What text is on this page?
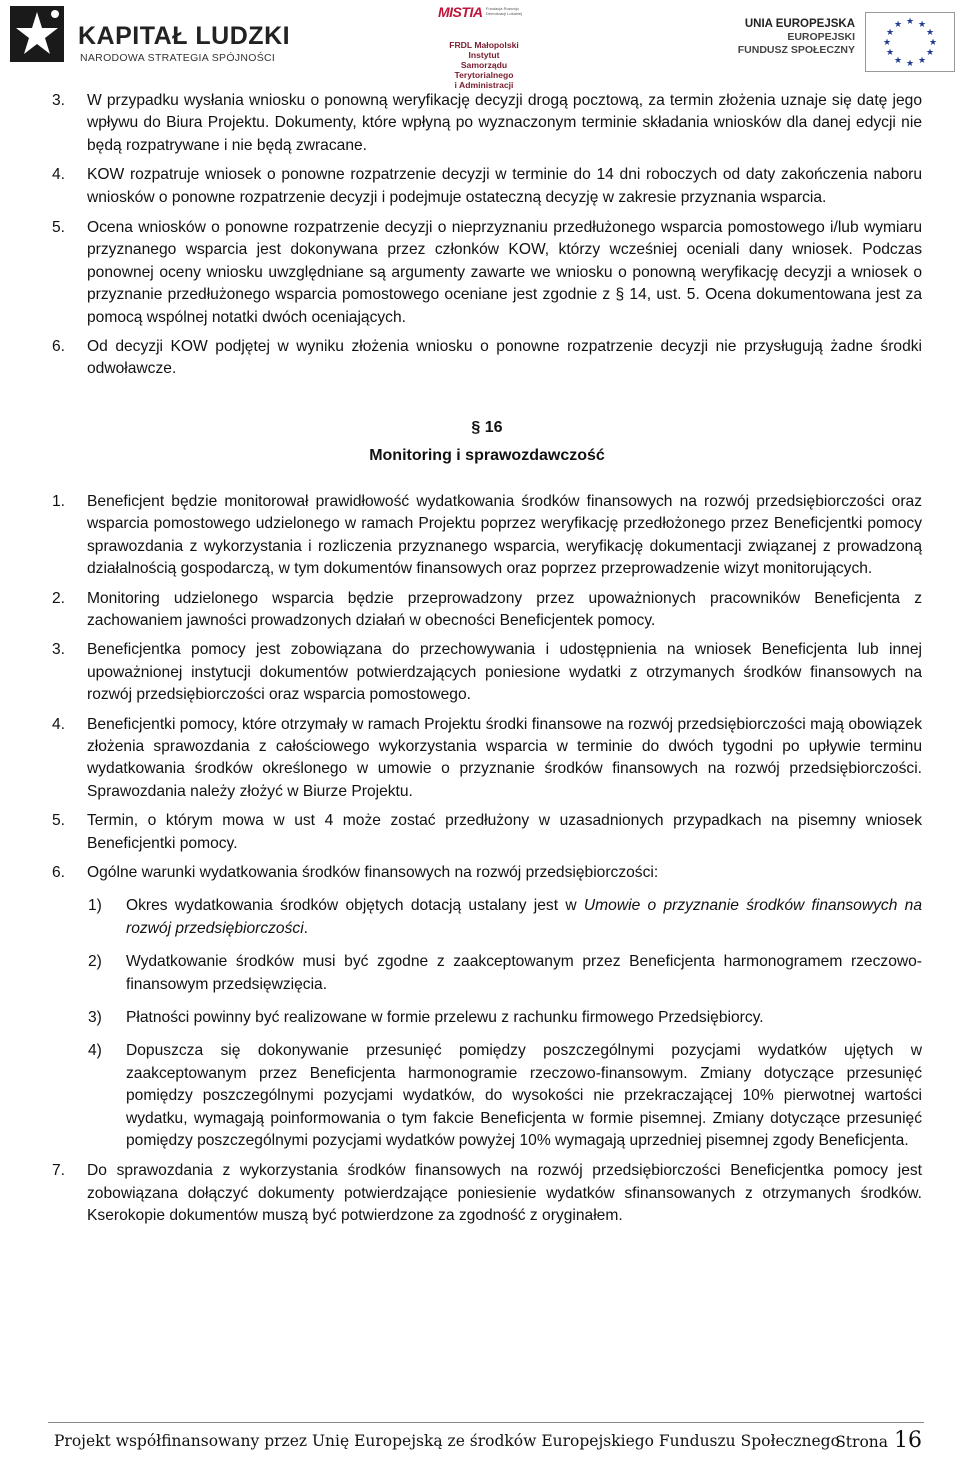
KAPITAŁ LUDZKI
NARODOWA STRATEGIA SPÓJNOŚCI
MISTIA Fundacja Rozwoju Demokracji Lokalnej
FRDL Małopolski Instytut
Samorządu Terytorialnego
i Administracji
UNIA EUROPEJSKA
EUROPEJSKI
FUNDUSZ SPOŁECZNY
★ ★
★
★
★
★
★
★
★
★
★
★
3. W przypadku wysłania wniosku o ponowną weryfikację decyzji drogą pocztową, za termin złożenia uznaje się datę jego wpływu do Biura Projektu. Dokumenty, które wpłyną po wyznaczonym terminie składania wniosków dla danej edycji nie będą rozpatrywane i nie będą zwracane.
4. KOW rozpatruje wniosek o ponowne rozpatrzenie decyzji w terminie do 14 dni roboczych od daty zakończenia naboru wniosków o ponowne rozpatrzenie decyzji i podejmuje ostateczną decyzję w zakresie przyznania wsparcia.
5. Ocena wniosków o ponowne rozpatrzenie decyzji o nieprzyznaniu przedłużonego wsparcia pomostowego i/lub wymiaru przyznanego wsparcia jest dokonywana przez członków KOW, którzy wcześniej oceniali dany wniosek. Podczas ponownej oceny wniosku uwzględniane są argumenty zawarte we wniosku o ponowną weryfikację decyzji a wniosek o przyznanie przedłużonego wsparcia pomostowego oceniane jest zgodnie z § 14, ust. 5. Ocena dokumentowana jest za pomocą wspólnej notatki dwóch oceniających.
6. Od decyzji KOW podjętej w wyniku złożenia wniosku o ponowne rozpatrzenie decyzji nie przysługują żadne środki odwoławcze.
§ 16
Monitoring i sprawozdawczość
1. Beneficjent będzie monitorował prawidłowość wydatkowania środków finansowych na rozwój przedsiębiorczości oraz wsparcia pomostowego udzielonego w ramach Projektu poprzez weryfikację przedłożonego przez Beneficjentki pomocy sprawozdania z wykorzystania i rozliczenia przyznanego wsparcia, weryfikację dokumentacji związanej z prowadzoną działalnością gospodarczą, w tym dokumentów finansowych oraz poprzez przeprowadzenie wizyt monitorujących.
2. Monitoring udzielonego wsparcia będzie przeprowadzony przez upoważnionych pracowników Beneficjenta z zachowaniem jawności prowadzonych działań w obecności Beneficjentek pomocy.
3. Beneficjentka pomocy jest zobowiązana do przechowywania i udostępnienia na wniosek Beneficjenta lub innej upoważnionej instytucji dokumentów potwierdzających poniesione wydatki z otrzymanych środków finansowych na rozwój przedsiębiorczości oraz wsparcia pomostowego.
4. Beneficjentki pomocy, które otrzymały w ramach Projektu środki finansowe na rozwój przedsiębiorczości mają obowiązek złożenia sprawozdania z całościowego wykorzystania wsparcia w terminie do dwóch tygodni po upływie terminu wydatkowania środków określonego w umowie o przyznanie środków finansowych na rozwój przedsiębiorczości. Sprawozdania należy złożyć w Biurze Projektu.
5. Termin, o którym mowa w ust 4 może zostać przedłużony w uzasadnionych przypadkach na pisemny wniosek Beneficjentki pomocy.
6. Ogólne warunki wydatkowania środków finansowych na rozwój przedsiębiorczości:
1) Okres wydatkowania środków objętych dotacją ustalany jest w Umowie o przyznanie środków finansowych na rozwój przedsiębiorczości.
2) Wydatkowanie środków musi być zgodne z zaakceptowanym przez Beneficjenta harmonogramem rzeczowo-finansowym przedsięwzięcia.
3) Płatności powinny być realizowane w formie przelewu z rachunku firmowego Przedsiębiorcy.
4) Dopuszcza się dokonywanie przesunięć pomiędzy poszczególnymi pozycjami wydatków ujętych w zaakceptowanym przez Beneficjenta harmonogramie rzeczowo-finansowym. Zmiany dotyczące przesunięć pomiędzy poszczególnymi pozycjami wydatków, do wysokości nie przekraczającej 10% pierwotnej wartości wydatku, wymagają poinformowania o tym fakcie Beneficjenta w formie pisemnej. Zmiany dotyczące przesunięć pomiędzy poszczególnymi pozycjami wydatków powyżej 10% wymagają uprzedniej pisemnej zgody Beneficjenta.
7. Do sprawozdania z wykorzystania środków finansowych na rozwój przedsiębiorczości Beneficjentka pomocy jest zobowiązana dołączyć dokumenty potwierdzające poniesienie wydatków sfinansowanych z otrzymanych środków. Kserokopie dokumentów muszą być potwierdzone za zgodność z oryginałem.
Projekt współfinansowany przez Unię Europejską ze środków Europejskiego Funduszu Społecznego
Strona 16
